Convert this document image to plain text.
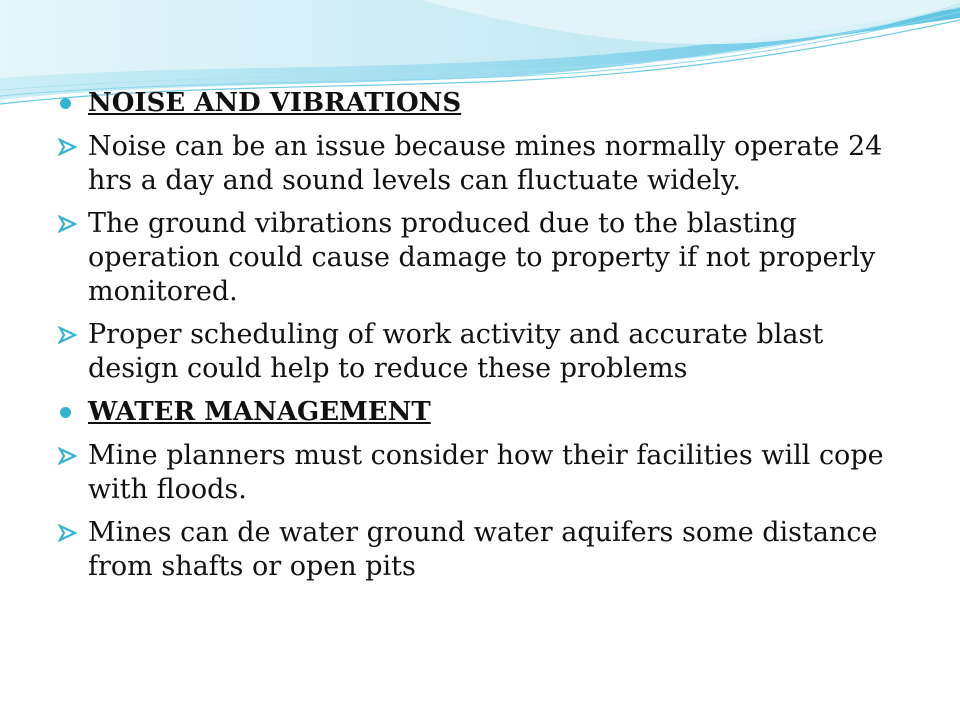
NOISE AND VIBRATIONS
Noise can be an issue because mines normally operate 24 hrs a day and sound levels can fluctuate widely.
The ground vibrations produced due to the blasting operation could cause damage to property if not properly monitored.
Proper scheduling of work activity and accurate blast design could help to reduce these problems
WATER MANAGEMENT
Mine planners must consider how their facilities will cope with floods.
Mines can de water ground water aquifers some distance from shafts or open pits
